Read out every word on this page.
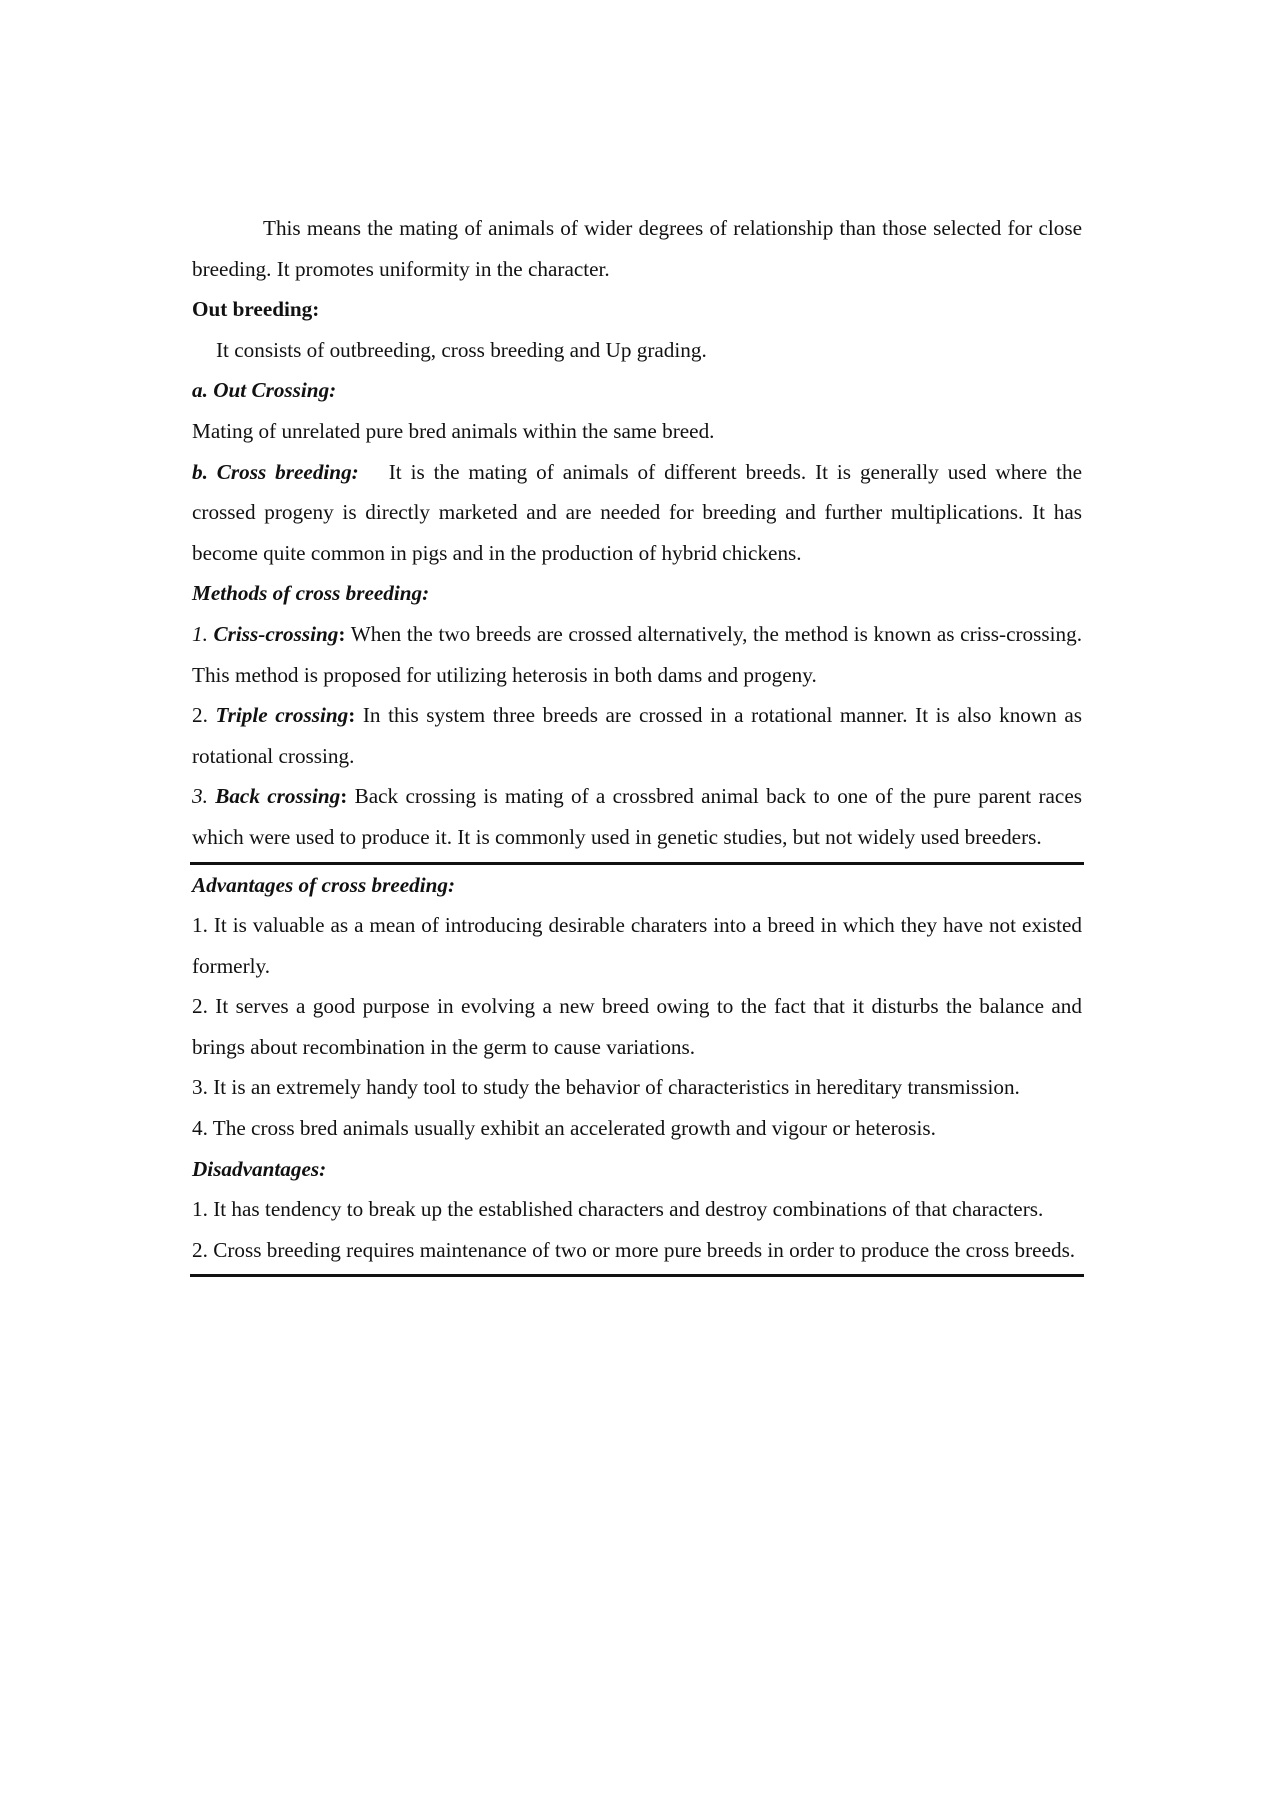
This means the mating of animals of wider degrees of relationship than those selected for close breeding. It promotes uniformity in the character.

Out breeding:

It consists of outbreeding, cross breeding and Up grading.

a. Out Crossing:

Mating of unrelated pure bred animals within the same breed.

b. Cross breeding: It is the mating of animals of different breeds. It is generally used where the crossed progeny is directly marketed and are needed for breeding and further multiplications. It has become quite common in pigs and in the production of hybrid chickens.

Methods of cross breeding:

1. Criss-crossing: When the two breeds are crossed alternatively, the method is known as criss-crossing. This method is proposed for utilizing heterosis in both dams and progeny.

2. Triple crossing: In this system three breeds are crossed in a rotational manner. It is also known as rotational crossing.

3. Back crossing: Back crossing is mating of a crossbred animal back to one of the pure parent races which were used to produce it. It is commonly used in genetic studies, but not widely used breeders.

Advantages of cross breeding:

1. It is valuable as a mean of introducing desirable charaters into a breed in which they have not existed formerly.

2. It serves a good purpose in evolving a new breed owing to the fact that it disturbs the balance and brings about recombination in the germ to cause variations.

3. It is an extremely handy tool to study the behavior of characteristics in hereditary transmission.

4. The cross bred animals usually exhibit an accelerated growth and vigour or heterosis.

Disadvantages:

1. It has tendency to break up the established characters and destroy combinations of that characters.

2. Cross breeding requires maintenance of two or more pure breeds in order to produce the cross breeds.
